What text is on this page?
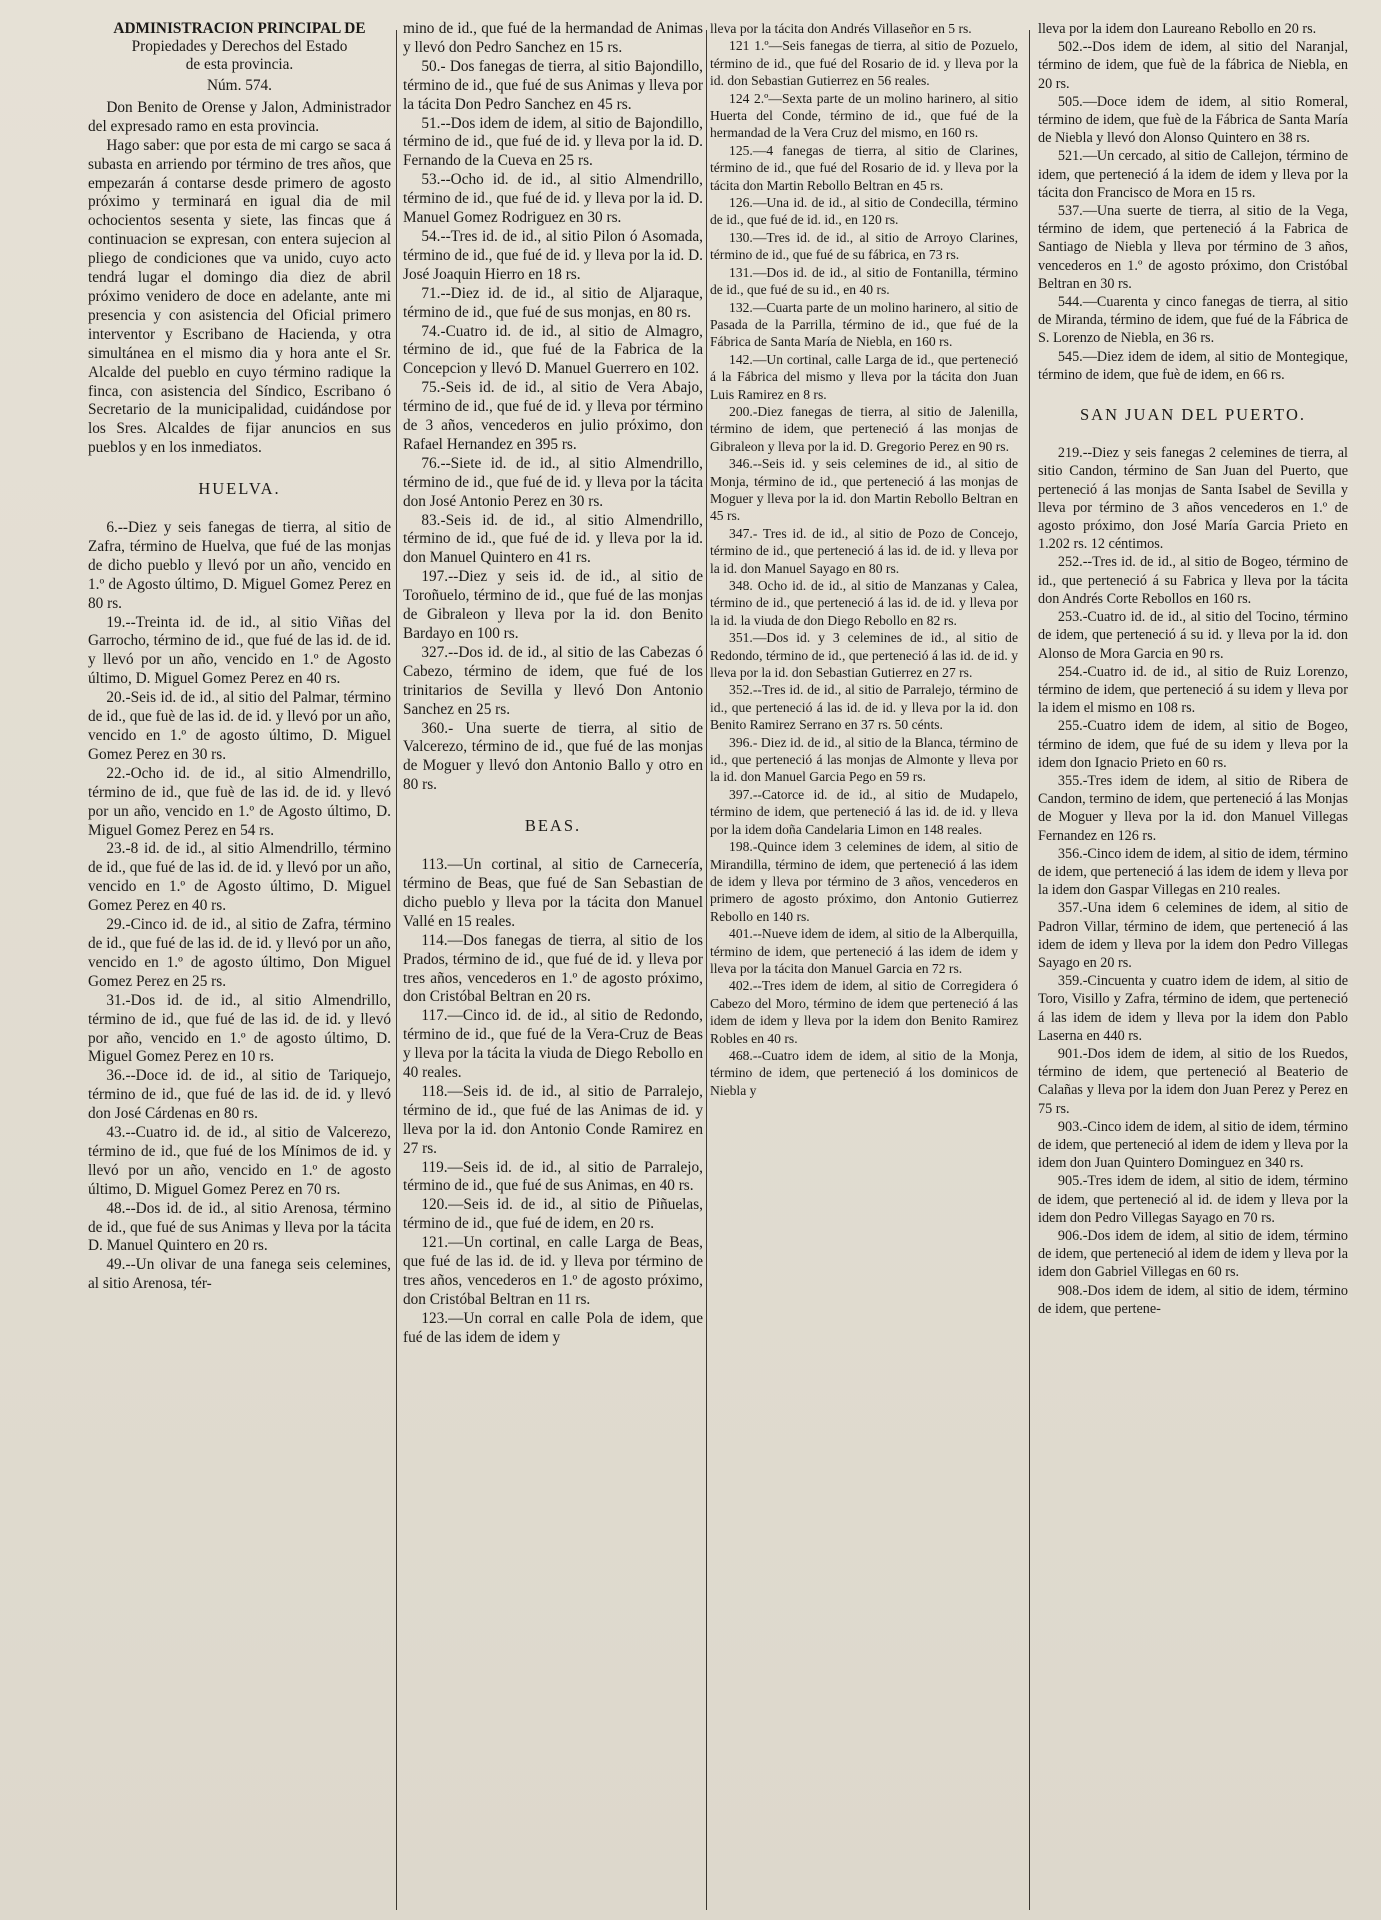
ADMINISTRACION PRINCIPAL DE
Propiedades y Derechos del Estado
de esta provincia.

Núm. 574.

Don Benito de Orense y Jalon, Administrador del expresado ramo en esta provincia.

Hago saber: que por esta de mi cargo se saca á subasta en arriendo por término de tres años, que empezarán á contarse desde primero de agosto próximo y terminará en igual dia de mil ochocientos sesenta y siete, las fincas que á continuacion se expresan, con entera sujecion al pliego de condiciones que va unido, cuyo acto tendrá lugar el domingo dia diez de abril próximo venidero de doce en adelante, ante mi presencia y con asistencia del Oficial primero interventor y Escribano de Hacienda, y otra simultánea en el mismo dia y hora ante el Sr. Alcalde del pueblo en cuyo término radique la finca, con asistencia del Síndico, Escribano ó Secretario de la municipalidad, cuidándose por los Sres. Alcaldes de fijar anuncios en sus pueblos y en los inmediatos.

HUELVA.

6.--Diez y seis fanegas de tierra, al sitio de Zafra, término de Huelva, que fué de las monjas de dicho pueblo y llevó por un año, vencido en 1.º de Agosto último, D. Miguel Gomez Perez en 80 rs.

19.--Treinta id. de id., al sitio Viñas del Garrocho, término de id., que fué de las id. de id. y llevó por un año, vencido en 1.º de Agosto último, D. Miguel Gomez Perez en 40 rs.

20.-Seis id. de id., al sitio del Palmar, término de id., que fuè de las id. de id. y llevó por un año, vencido en 1.º de agosto último, D. Miguel Gomez Perez en 30 rs.

22.-Ocho id. de id., al sitio Almendrillo, término de id., que fuè de las id. de id. y llevó por un año, vencido en 1.º de Agosto último, D. Miguel Gomez Perez en 54 rs.

23.-8 id. de id., al sitio Almendrillo, término de id., que fué de las id. de id. y llevó por un año, vencido en 1.º de Agosto último, D. Miguel Gomez Perez en 40 rs.

29.-Cinco id. de id., al sitio de Zafra, término de id., que fué de las id. de id. y llevó por un año, vencido en 1.º de agosto último, Don Miguel Gomez Perez en 25 rs.

31.-Dos id. de id., al sitio Almendrillo, término de id., que fué de las id. de id. y llevó por año, vencido en 1.º de agosto último, D. Miguel Gomez Perez en 10 rs.

36.--Doce id. de id., al sitio de Tariquejo, término de id., que fué de las id. de id. y llevó don José Cárdenas en 80 rs.

43.--Cuatro id. de id., al sitio de Valcerezo, término de id., que fué de los Mínimos de id. y llevó por un año, vencido en 1.º de agosto último, D. Miguel Gomez Perez en 70 rs.

48.--Dos id. de id., al sitio Arenosa, término de id., que fué de sus Animas y lleva por la tácita D. Manuel Quintero en 20 rs.

49.--Un olivar de una fanega seis celemines, al sitio Arenosa, tér-

mino de id., que fué de la hermandad de Animas y llevó don Pedro Sanchez en 15 rs.

50.- Dos fanegas de tierra, al sitio Bajondillo, término de id., que fué de sus Animas y lleva por la tácita Don Pedro Sanchez en 45 rs.

51.--Dos idem de idem, al sitio de Bajondillo, término de id., que fué de id. y lleva por la id. D. Fernando de la Cueva en 25 rs.

53.--Ocho id. de id., al sitio Almendrillo, término de id., que fué de id. y lleva por la id. D. Manuel Gomez Rodriguez en 30 rs.

54.--Tres id. de id., al sitio Pilon ó Asomada, término de id., que fué de id. y lleva por la id. D. José Joaquin Hierro en 18 rs.

71.--Diez id. de id., al sitio de Aljaraque, término de id., que fué de sus monjas, en 80 rs.

74.-Cuatro id. de id., al sitio de Almagro, término de id., que fué de la Fabrica de la Concepcion y llevó D. Manuel Guerrero en 102.

75.-Seis id. de id., al sitio de Vera Abajo, término de id., que fué de id. y lleva por término de 3 años, vencederos en julio próximo, don Rafael Hernandez en 395 rs.

76.--Siete id. de id., al sitio Almendrillo, término de id., que fué de id. y lleva por la tácita don José Antonio Perez en 30 rs.

83.-Seis id. de id., al sitio Almendrillo, término de id., que fué de id. y lleva por la id. don Manuel Quintero en 41 rs.

197.--Diez y seis id. de id., al sitio de Toroñuelo, término de id., que fué de las monjas de Gibraleon y lleva por la id. don Benito Bardayo en 100 rs.

327.--Dos id. de id., al sitio de las Cabezas ó Cabezo, término de idem, que fué de los trinitarios de Sevilla y llevó Don Antonio Sanchez en 25 rs.

360.- Una suerte de tierra, al sitio de Valcerezo, término de id., que fué de las monjas de Moguer y llevó don Antonio Ballo y otro en 80 rs.

BEAS.

113.—Un cortinal, al sitio de Carnecería, término de Beas, que fué de San Sebastian de dicho pueblo y lleva por la tácita don Manuel Vallé en 15 reales.

114.—Dos fanegas de tierra, al sitio de los Prados, término de id., que fué de id. y lleva por tres años, vencederos en 1.º de agosto próximo, don Cristóbal Beltran en 20 rs.

117.—Cinco id. de id., al sitio de Redondo, término de id., que fué de la Vera-Cruz de Beas y lleva por la tácita la viuda de Diego Rebollo en 40 reales.

118.—Seis id. de id., al sitio de Parralejo, término de id., que fué de las Animas de id. y lleva por la id. don Antonio Conde Ramirez en 27 rs.

119.—Seis id. de id., al sitio de Parralejo, término de id., que fué de sus Animas, en 40 rs.

120.—Seis id. de id., al sitio de Piñuelas, término de id., que fué de idem, en 20 rs.

121.—Un cortinal, en calle Larga de Beas, que fué de las id. de id. y lleva por término de tres años, vencederos en 1.º de agosto próximo, don Cristóbal Beltran en 11 rs.

123.—Un corral en calle Pola de idem, que fué de las idem de idem y

lleva por la tácita don Andrés Villaseñor en 5 rs.

121 1.º—Seis fanegas de tierra, al sitio de Pozuelo, término de id., que fué del Rosario de id. y lleva por la id. don Sebastian Gutierrez en 56 reales.

124 2.º—Sexta parte de un molino harinero, al sitio Huerta del Conde, término de id., que fué de la hermandad de la Vera Cruz del mismo, en 160 rs.

125.—4 fanegas de tierra, al sitio de Clarines, término de id., que fué del Rosario de id. y lleva por la tácita don Martin Rebollo Beltran en 45 rs.

126.—Una id. de id., al sitio de Condecilla, término de id., que fué de id. id., en 120 rs.

130.—Tres id. de id., al sitio de Arroyo Clarines, término de id., que fué de su fábrica, en 73 rs.

131.—Dos id. de id., al sitio de Fontanilla, término de id., que fué de su id., en 40 rs.

132.—Cuarta parte de un molino harinero, al sitio de Pasada de la Parrilla, término de id., que fué de la Fábrica de Santa María de Niebla, en 160 rs.

142.—Un cortinal, calle Larga de id., que perteneció á la Fábrica del mismo y lleva por la tácita don Juan Luis Ramirez en 8 rs.

200.-Diez fanegas de tierra, al sitio de Jalenilla, término de idem, que perteneció á las monjas de Gibraleon y lleva por la id. D. Gregorio Perez en 90 rs.

346.--Seis id. y seis celemines de id., al sitio de Monja, término de id., que perteneció á las monjas de Moguer y lleva por la id. don Martin Rebollo Beltran en 45 rs.

347.- Tres id. de id., al sitio de Pozo de Concejo, término de id., que perteneció á las id. de id. y lleva por la id. don Manuel Sayago en 80 rs.

348. Ocho id. de id., al sitio de Manzanas y Calea, término de id., que perteneció á las id. de id. y lleva por la id. la viuda de don Diego Rebollo en 82 rs.

351.—Dos id. y 3 celemines de id., al sitio de Redondo, término de id., que perteneció á las id. de id. y lleva por la id. don Sebastian Gutierrez en 27 rs.

352.--Tres id. de id., al sitio de Parralejo, término de id., que perteneció á las id. de id. y lleva por la id. don Benito Ramirez Serrano en 37 rs. 50 cénts.

396.- Diez id. de id., al sitio de la Blanca, término de id., que perteneció á las monjas de Almonte y lleva por la id. don Manuel Garcia Pego en 59 rs.

397.--Catorce id. de id., al sitio de Mudapelo, término de idem, que perteneció á las id. de id. y lleva por la idem doña Candelaria Limon en 148 reales.

198.-Quince idem 3 celemines de idem, al sitio de Mirandilla, término de idem, que perteneció á las idem de idem y lleva por término de 3 años, vencederos en primero de agosto próximo, don Antonio Gutierrez Rebollo en 140 rs.

401.--Nueve idem de idem, al sitio de la Alberquilla, término de idem, que perteneció á las idem de idem y lleva por la tácita don Manuel Garcia en 72 rs.

402.--Tres idem de idem, al sitio de Corregidera ó Cabezo del Moro, término de idem que perteneció á las idem de idem y lleva por la idem don Benito Ramirez Robles en 40 rs.

468.--Cuatro idem de idem, al sitio de la Monja, término de idem, que perteneció á los dominicos de Niebla y

lleva por la idem don Laureano Rebollo en 20 rs.

502.--Dos idem de idem, al sitio del Naranjal, término de idem, que fuè de la fábrica de Niebla, en 20 rs.

505.—Doce idem de idem, al sitio Romeral, término de idem, que fuè de la Fábrica de Santa María de Niebla y llevó don Alonso Quintero en 38 rs.

521.—Un cercado, al sitio de Callejon, término de idem, que perteneció á la idem de idem y lleva por la tácita don Francisco de Mora en 15 rs.

537.—Una suerte de tierra, al sitio de la Vega, término de idem, que perteneció á la Fabrica de Santiago de Niebla y lleva por término de 3 años, vencederos en 1.º de agosto próximo, don Cristóbal Beltran en 30 rs.

544.—Cuarenta y cinco fanegas de tierra, al sitio de Miranda, término de idem, que fué de la Fábrica de S. Lorenzo de Niebla, en 36 rs.

545.—Diez idem de idem, al sitio de Montegique, término de idem, que fuè de idem, en 66 rs.

SAN JUAN DEL PUERTO.

219.--Diez y seis fanegas 2 celemines de tierra, al sitio Candon, término de San Juan del Puerto, que perteneció á las monjas de Santa Isabel de Sevilla y lleva por término de 3 años vencederos en 1.º de agosto próximo, don José María Garcia Prieto en 1.202 rs. 12 céntimos.

252.--Tres id. de id., al sitio de Bogeo, término de id., que perteneció á su Fabrica y lleva por la tácita don Andrés Corte Rebollos en 160 rs.

253.-Cuatro id. de id., al sitio del Tocino, término de idem, que perteneció á su id. y lleva por la id. don Alonso de Mora Garcia en 90 rs.

254.-Cuatro id. de id., al sitio de Ruiz Lorenzo, término de idem, que perteneció á su idem y lleva por la idem el mismo en 108 rs.

255.-Cuatro idem de idem, al sitio de Bogeo, término de idem, que fué de su idem y lleva por la idem don Ignacio Prieto en 60 rs.

355.-Tres idem de idem, al sitio de Ribera de Candon, termino de idem, que perteneció á las Monjas de Moguer y lleva por la id. don Manuel Villegas Fernandez en 126 rs.

356.-Cinco idem de idem, al sitio de idem, término de idem, que perteneció á las idem de idem y lleva por la idem don Gaspar Villegas en 210 reales.

357.-Una idem 6 celemines de idem, al sitio de Padron Villar, término de idem, que perteneció á las idem de idem y lleva por la idem don Pedro Villegas Sayago en 20 rs.

359.-Cincuenta y cuatro idem de idem, al sitio de Toro, Visillo y Zafra, término de idem, que perteneció á las idem de idem y lleva por la idem don Pablo Laserna en 440 rs.

901.-Dos idem de idem, al sitio de los Ruedos, término de idem, que perteneció al Beaterio de Calañas y lleva por la idem don Juan Perez y Perez en 75 rs.

903.-Cinco idem de idem, al sitio de idem, término de idem, que perteneció al idem de idem y lleva por la idem don Juan Quintero Dominguez en 340 rs.

905.-Tres idem de idem, al sitio de idem, término de idem, que perteneció al id. de idem y lleva por la idem don Pedro Villegas Sayago en 70 rs.

906.-Dos idem de idem, al sitio de idem, término de idem, que perteneció al idem de idem y lleva por la idem don Gabriel Villegas en 60 rs.

908.-Dos idem de idem, al sitio de idem, término de idem, que pertene-
